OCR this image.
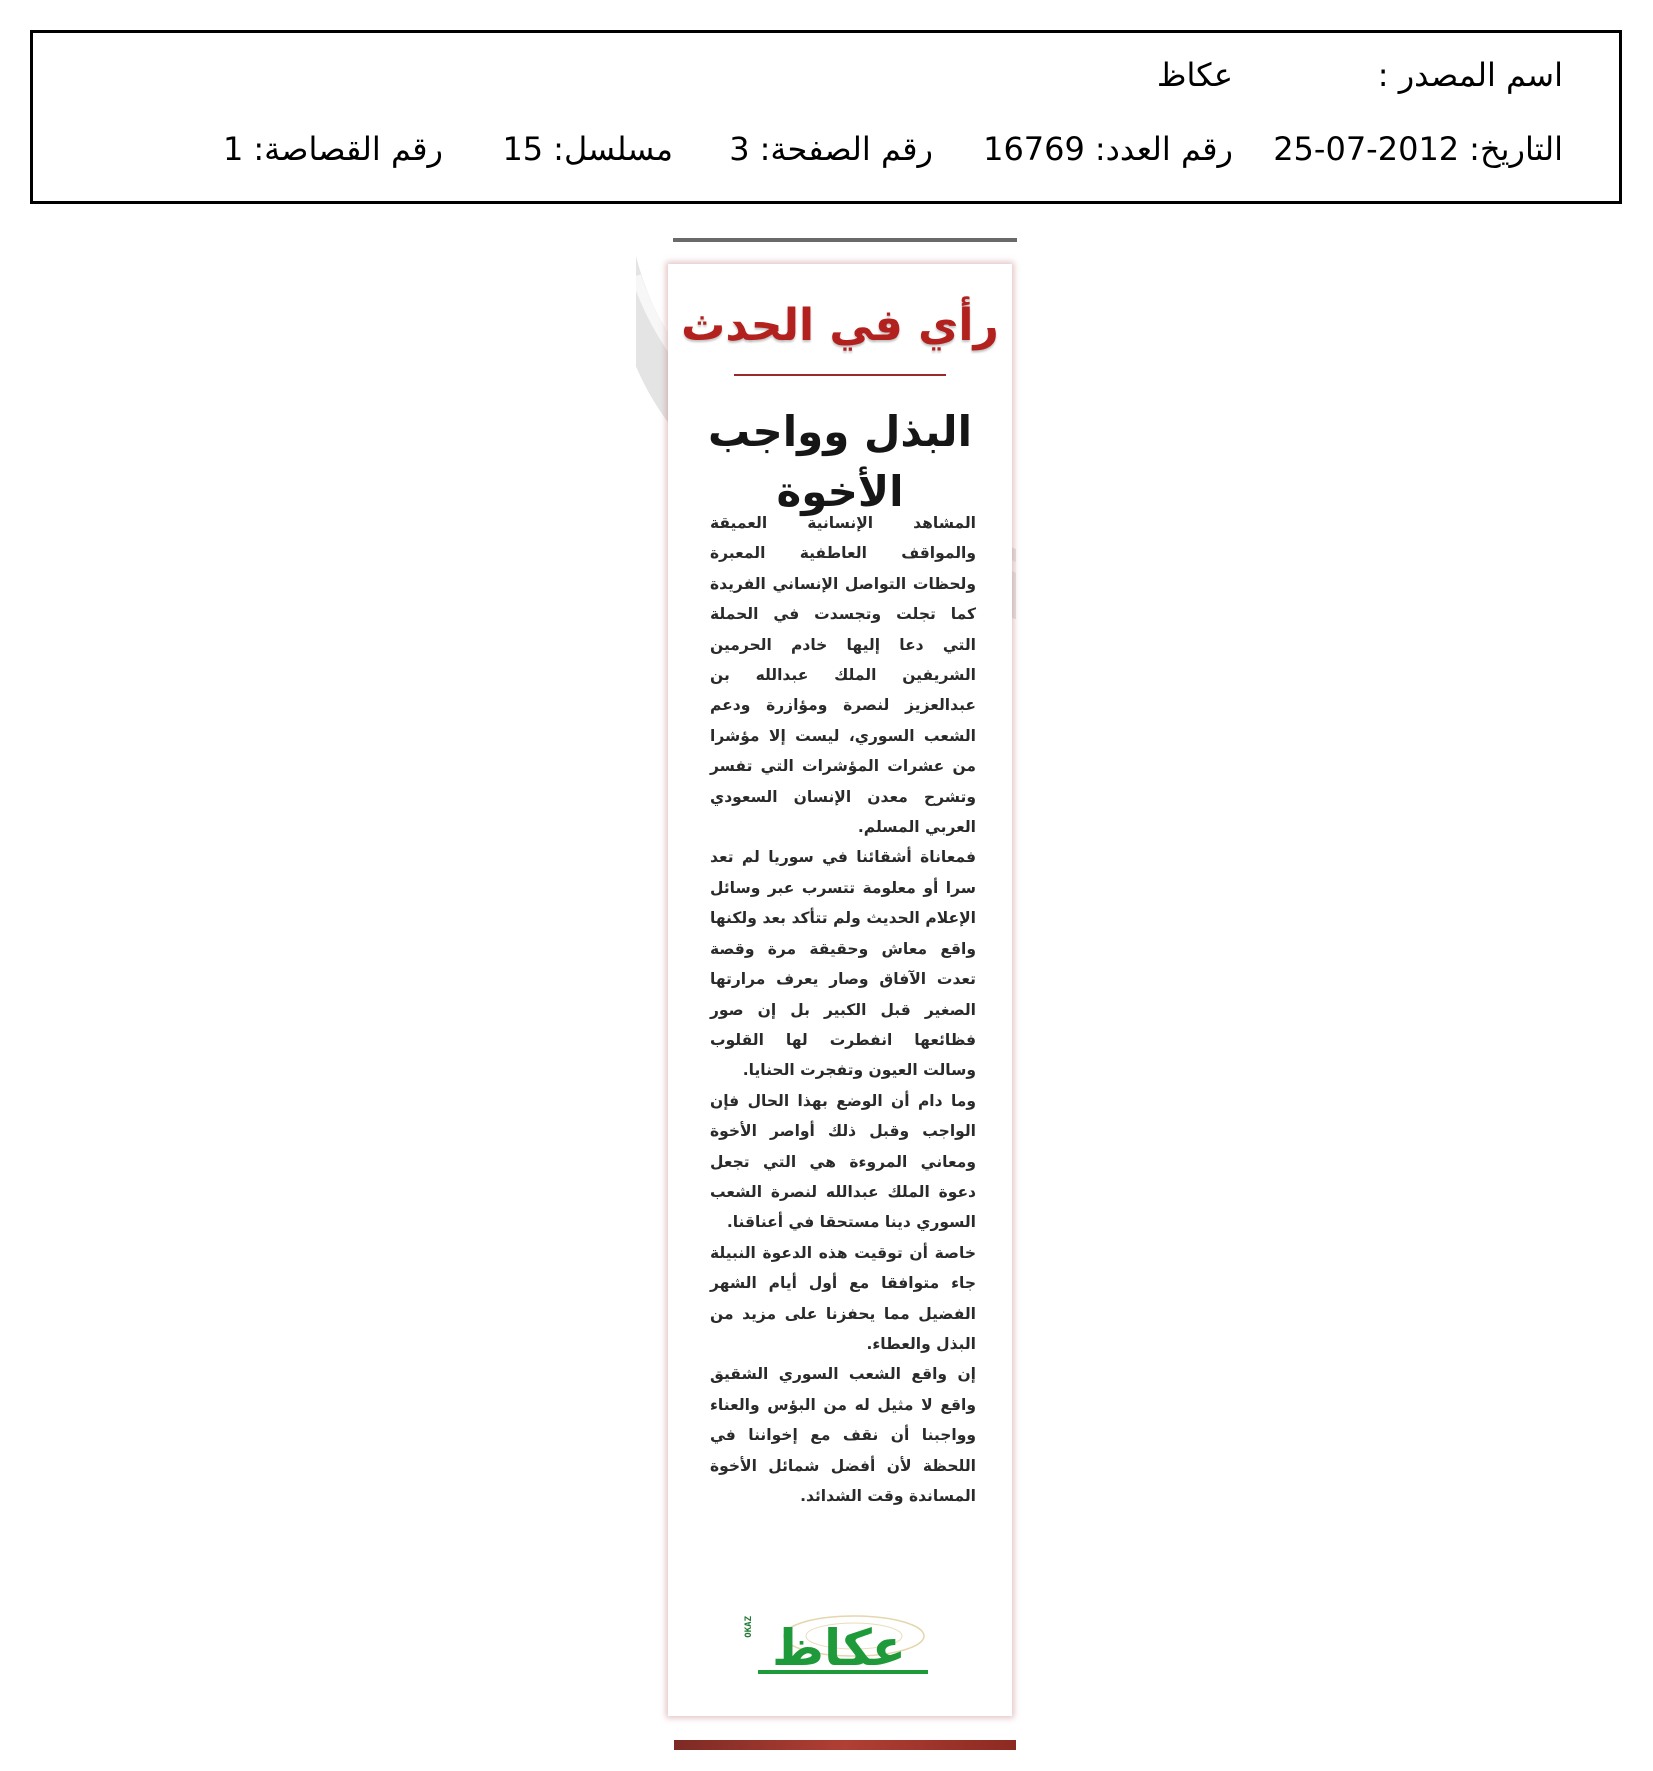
اسم المصدر :
عكاظ
التاريخ:2012-07-25
رقم العدد:16769
رقم الصفحة:3
مسلسل:15
رقم القصاصة:1
رأي في الحدث
البذل وواجب الأخوة

المشاهد الإنسانية العميقة والمواقف العاطفية المعبرة ولحظات التواصل الإنساني الفريدة كما تجلت وتجسدت في الحملة التي دعا إليها خادم الحرمين الشريفين الملك عبدالله بن عبدالعزيز لنصرة ومؤازرة ودعم الشعب السوري، ليست إلا مؤشرا من عشرات المؤشرات التي تفسر وتشرح معدن الإنسان السعودي العربي المسلم.

فمعاناة أشقائنا في سوريا لم تعد سرا أو معلومة تتسرب عبر وسائل الإعلام الحديث ولم تتأكد بعد ولكنها واقع معاش وحقيقة مرة وقصة تعدت الآفاق وصار يعرف مرارتها الصغير قبل الكبير بل إن صور فظائعها انفطرت لها القلوب وسالت العيون وتفجرت الحنايا.

وما دام أن الوضع بهذا الحال فإن الواجب وقبل ذلك أواصر الأخوة ومعاني المروءة هي التي تجعل دعوة الملك عبدالله لنصرة الشعب السوري دينا مستحقا في أعناقنا.

خاصة أن توقيت هذه الدعوة النبيلة جاء متوافقا مع أول أيام الشهر الفضيل مما يحفزنا على مزيد من البذل والعطاء.

إن واقع الشعب السوري الشقيق واقع لا مثيل له من البؤس والعناء وواجبنا أن نقف مع إخواننا في اللحظة لأن أفضل شمائل الأخوة المساندة وقت الشدائد.

عكاظ
OKAZ
